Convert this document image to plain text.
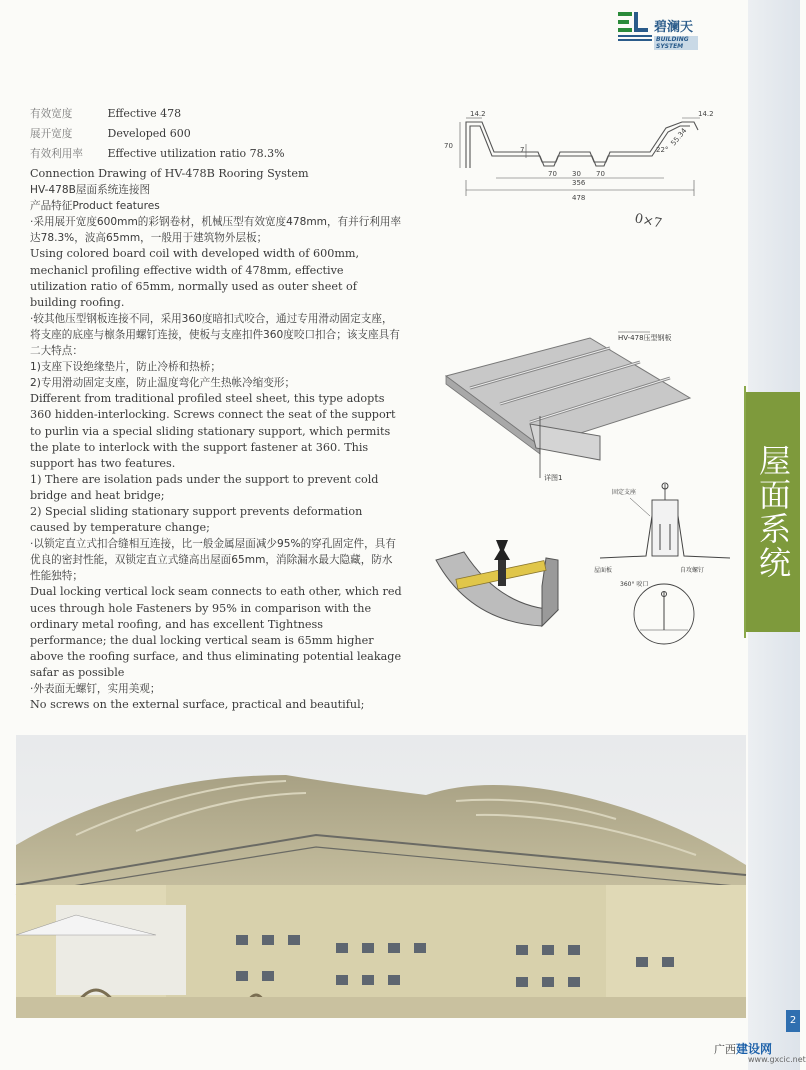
碧澜天
BUILDING SYSTEM
有效宽度	Effective 478
展开宽度	Developed 600
有效利用率 Effective utilization ratio 78.3%

Connection Drawing of HV-478B Rooring System

HV-478B屋面系统连接图

产品特征Product features

·采用展开宽度600mm的彩钢卷材，机械压型有效宽度478mm，有并行利用率达78.3%，波高65mm，一般用于建筑物外层板；

Using colored board coil with developed width of 600mm, mechanicl profiling effective width of 478mm, effective utilization ratio of 65mm, normally used as outer sheet of building roofing.

·较其他压型钢板连接不同，采用360度暗扣式咬合，通过专用滑动固定支座，将支座的底座与檩条用螺钉连接，使板与支座扣件360度咬口扣合；该支座具有二大特点：

1)支座下设绝缘垫片，防止冷桥和热桥；

2)专用滑动固定支座，防止温度弯化产生热帐冷缩变形；

Different from traditional profiled steel sheet, this type adopts 360 hidden-interlocking. Screws connect the seat of the support to purlin via a special sliding stationary support, which permits the plate to interlock with the support fastener at 360. This support has two features.

1) There are isolation pads under the support to prevent cold bridge and heat bridge;

2) Special sliding stationary support prevents deformation caused by temperature change;

·以锁定直立式扣合缝相互连接，比一般金属屋面减少95%的穿孔固定件，具有优良的密封性能，双锁定直立式缝高出屋面65mm，消除漏水最大隐藏，防水性能独特；

Dual locking vertical lock seam connects to eath other, which red uces through hole Fasteners by 95% in comparison with the ordinary metal roofing, and has excellent Tightness performance; the dual locking vertical seam is 65mm higher above the roofing surface, and thus eliminating potential leakage safar as possible

·外表面无螺钉，实用美观；

No screws on the external surface, practical and beautiful;

14.2	14.2
70	7
70 30 70
356
478
22°
55.34
0×7
HV-478压型钢板
详图1
固定支座
屋面板	自攻螺钉
360° 咬口
屋面系统
2
广西建设网
www.gxcic.net
